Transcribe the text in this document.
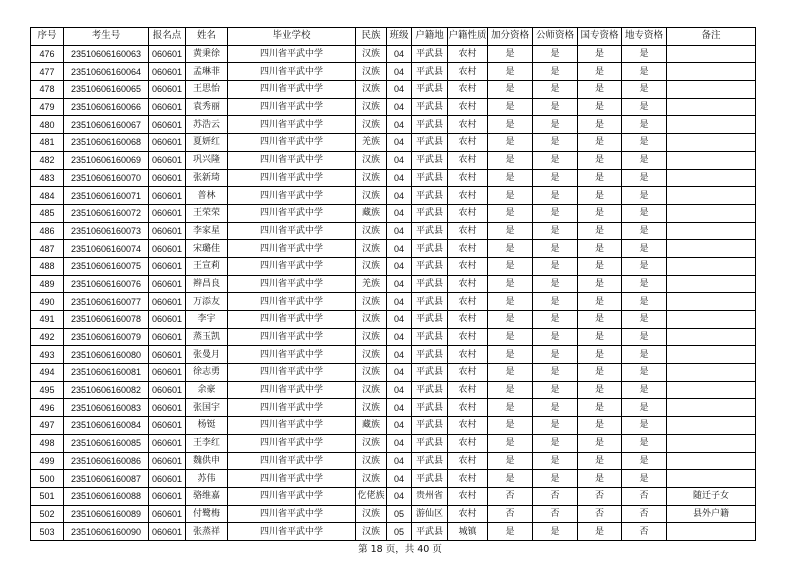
序号	考生号	报名点	姓名	毕业学校	民族	班级	户籍地	户籍性质	加分资格	公师资格	国专资格	地专资格	备注
476	23510606160063	060601	黄秉徐	四川省平武中学	汉族	04	平武县	农村	是	是	是	是	
477	23510606160064	060601	孟琳菲	四川省平武中学	汉族	04	平武县	农村	是	是	是	是	
478	23510606160065	060601	王思怡	四川省平武中学	汉族	04	平武县	农村	是	是	是	是	
479	23510606160066	060601	袁秀丽	四川省平武中学	汉族	04	平武县	农村	是	是	是	是	
480	23510606160067	060601	苏浩云	四川省平武中学	汉族	04	平武县	农村	是	是	是	是	
481	23510606160068	060601	夏妍红	四川省平武中学	羌族	04	平武县	农村	是	是	是	是	
482	23510606160069	060601	巩兴隆	四川省平武中学	汉族	04	平武县	农村	是	是	是	是	
483	23510606160070	060601	张新琦	四川省平武中学	汉族	04	平武县	农村	是	是	是	是	
484	23510606160071	060601	普林	四川省平武中学	汉族	04	平武县	农村	是	是	是	是	
485	23510606160072	060601	王荣荣	四川省平武中学	藏族	04	平武县	农村	是	是	是	是	
486	23510606160073	060601	李家星	四川省平武中学	汉族	04	平武县	农村	是	是	是	是	
487	23510606160074	060601	宋璐佳	四川省平武中学	汉族	04	平武县	农村	是	是	是	是	
488	23510606160075	060601	王宣莉	四川省平武中学	汉族	04	平武县	农村	是	是	是	是	
489	23510606160076	060601	辫昌良	四川省平武中学	羌族	04	平武县	农村	是	是	是	是	
490	23510606160077	060601	万添友	四川省平武中学	汉族	04	平武县	农村	是	是	是	是	
491	23510606160078	060601	李宇	四川省平武中学	汉族	04	平武县	农村	是	是	是	是	
492	23510606160079	060601	蒸玉凯	四川省平武中学	汉族	04	平武县	农村	是	是	是	是	
493	23510606160080	060601	张曼月	四川省平武中学	汉族	04	平武县	农村	是	是	是	是	
494	23510606160081	060601	徐志勇	四川省平武中学	汉族	04	平武县	农村	是	是	是	是	
495	23510606160082	060601	余豪	四川省平武中学	汉族	04	平武县	农村	是	是	是	是	
496	23510606160083	060601	张国宇	四川省平武中学	汉族	04	平武县	农村	是	是	是	是	
497	23510606160084	060601	杨铤	四川省平武中学	藏族	04	平武县	农村	是	是	是	是	
498	23510606160085	060601	王李红	四川省平武中学	汉族	04	平武县	农村	是	是	是	是	
499	23510606160086	060601	魏供申	四川省平武中学	汉族	04	平武县	农村	是	是	是	是	
500	23510606160087	060601	苏伟	四川省平武中学	汉族	04	平武县	农村	是	是	是	是	
501	23510606160088	060601	骆维嘉	四川省平武中学	仡佬族	04	贵州省	农村	否	否	否	否	随迁子女
502	23510606160089	060601	付鹭梅	四川省平武中学	汉族	05	游仙区	农村	否	否	否	否	县外户籍
503	23510606160090	060601	张蒸祥	四川省平武中学	汉族	05	平武县	城镇	是	是	是	否	
第 18 页，共 40 页
